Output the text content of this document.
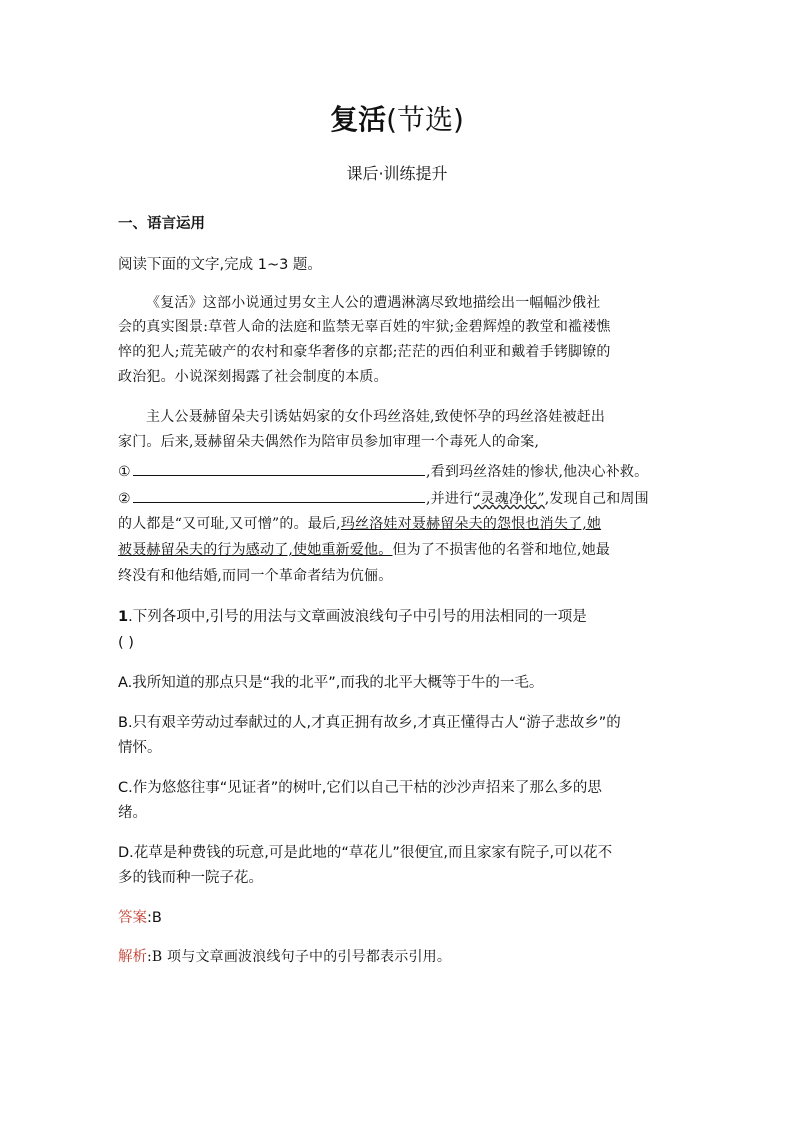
复活(节选)
课后·训练提升
一、语言运用
阅读下面的文字,完成 1~3 题。
《复活》这部小说通过男女主人公的遭遇淋漓尽致地描绘出一幅幅沙俄社
会的真实图景:草菅人命的法庭和监禁无辜百姓的牢狱;金碧辉煌的教堂和褴褛憔
悴的犯人;荒芜破产的农村和豪华奢侈的京都;茫茫的西伯利亚和戴着手铐脚镣的
政治犯。小说深刻揭露了社会制度的本质。
主人公聂赫留朵夫引诱姑妈家的女仆玛丝洛娃,致使怀孕的玛丝洛娃被赶出
家门。后来,聂赫留朵夫偶然作为陪审员参加审理一个毒死人的命案,
①	,看到玛丝洛娃的惨状,他决心补救。
②	,并进行“灵魂净化”,发现自己和周围
的人都是“又可耻,又可憎”的。最后,玛丝洛娃对聂赫留朵夫的怨恨也消失了,她
被聂赫留朵夫的行为感动了,使她重新爱他。但为了不损害他的名誉和地位,她最
终没有和他结婚,而同一个革命者结为伉俪。
1.下列各项中,引号的用法与文章画波浪线句子中引号的用法相同的一项是
( )
A.我所知道的那点只是“我的北平”,而我的北平大概等于牛的一毛。
B.只有艰辛劳动过奉献过的人,才真正拥有故乡,才真正懂得古人“游子悲故乡”的
情怀。
C.作为悠悠往事“见证者”的树叶,它们以自己干枯的沙沙声招来了那么多的思
绪。
D.花草是种费钱的玩意,可是此地的“草花儿”很便宜,而且家家有院子,可以花不
多的钱而种一院子花。
答案:B
解析:B 项与文章画波浪线句子中的引号都表示引用。
